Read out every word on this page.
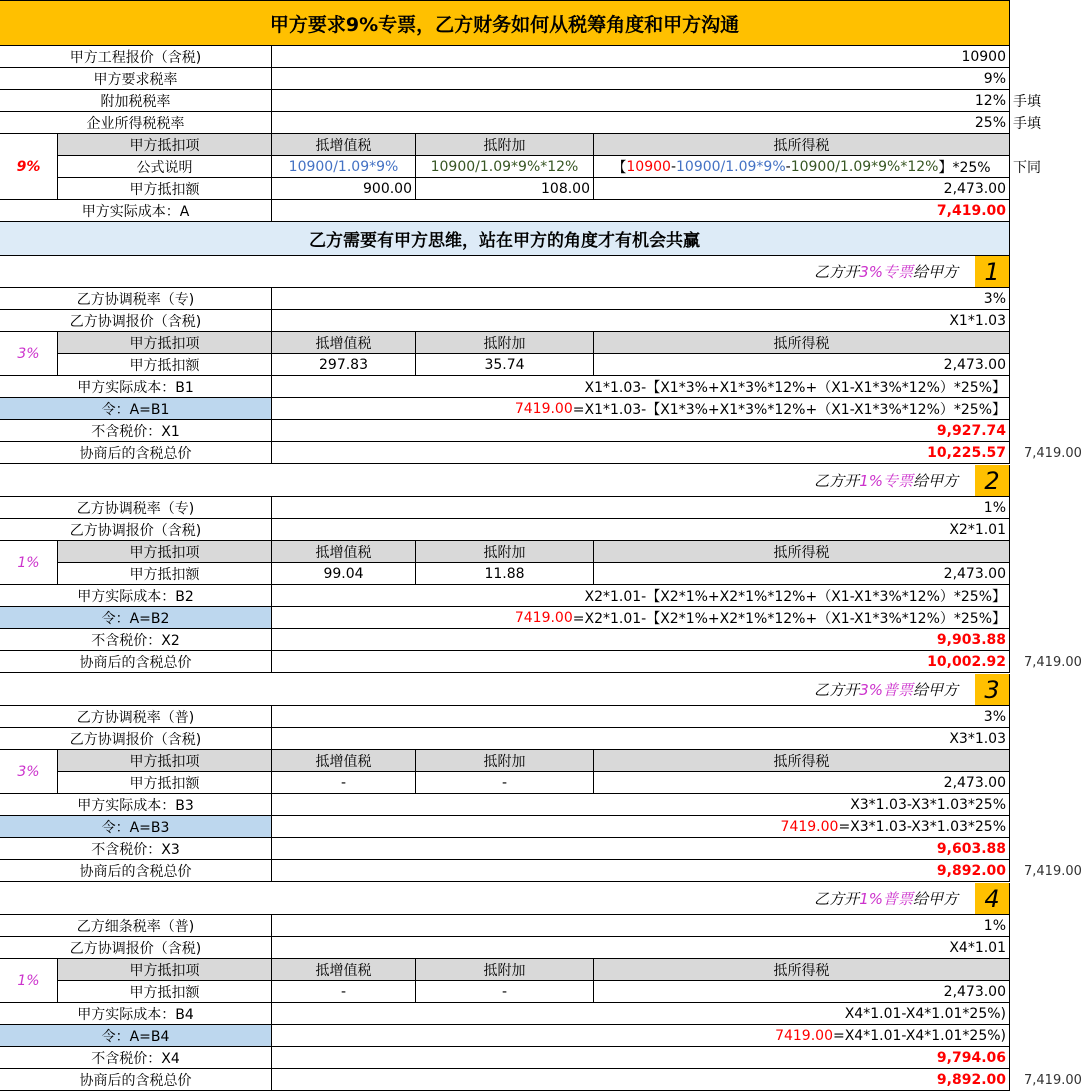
甲方要求9%专票，乙方财务如何从税筹角度和甲方沟通
甲方工程报价（含税)	10900
甲方要求税率	9%
附加税税率	12% 手填
企业所得税税率	25% 手填
9%
甲方抵扣项	抵增值税	抵附加	抵所得税
公式说明	10900/1.09*9%	10900/1.09*9%*12%	【 10900 - 10900/1.09*9% - 10900/1.09*9%*12% 】*25% 下同
甲方抵扣额	900.00	108.00	2,473.00
甲方实际成本：A	7,419.00
乙方需要有甲方思维，站在甲方的角度才有机会共赢
乙方开 3%专票 给甲方	1
乙方协调税率（专)	3%
乙方协调报价（含税)	X1*1.03
甲方抵扣项	抵增值税	抵附加	抵所得税
甲方抵扣额	297.83	35.74	2,473.00
甲方实际成本：B1	X1*1.03-【X1*3%+X1*3%*12%+（X1-X1*3%*12%）*25%】
令：A=B1	7419.00 =X1*1.03-【X1*3%+X1*3%*12%+（X1-X1*3%*12%）*25%】
不含税价：X1	9,927.74
协商后的含税总价	10,225.57	7,419.00
3%
乙方开 1%专票 给甲方	2
乙方协调税率（专)	1%
乙方协调报价（含税)	X2*1.01
甲方抵扣项	抵增值税	抵附加	抵所得税
甲方抵扣额	99.04	11.88	2,473.00
甲方实际成本：B2	X2*1.01-【X2*1%+X2*1%*12%+（X1-X1*3%*12%）*25%】
令：A=B2	7419.00 =X2*1.01-【X2*1%+X2*1%*12%+（X1-X1*3%*12%）*25%】
不含税价：X2	9,903.88
协商后的含税总价	10,002.92	7,419.00
1%
乙方开 3%普票 给甲方	3
乙方协调税率（普)	3%
乙方协调报价（含税)	X3*1.03
甲方抵扣项	抵增值税	抵附加	抵所得税
甲方抵扣额	-	-	2,473.00
甲方实际成本：B3	X3*1.03-X3*1.03*25%
令：A=B3	7419.00 =X3*1.03-X3*1.03*25%
不含税价：X3	9,603.88
协商后的含税总价	9,892.00	7,419.00
3%
乙方开 1%普票 给甲方	4
乙方细条税率（普)	1%
乙方协调报价（含税)	X4*1.01
甲方抵扣项	抵增值税	抵附加	抵所得税
甲方抵扣额	-	-	2,473.00
甲方实际成本：B4	X4*1.01-X4*1.01*25%)
令：A=B4	7419.00 =X4*1.01-X4*1.01*25%)
不含税价：X4	9,794.06
协商后的含税总价	9,892.00	7,419.00
1%
